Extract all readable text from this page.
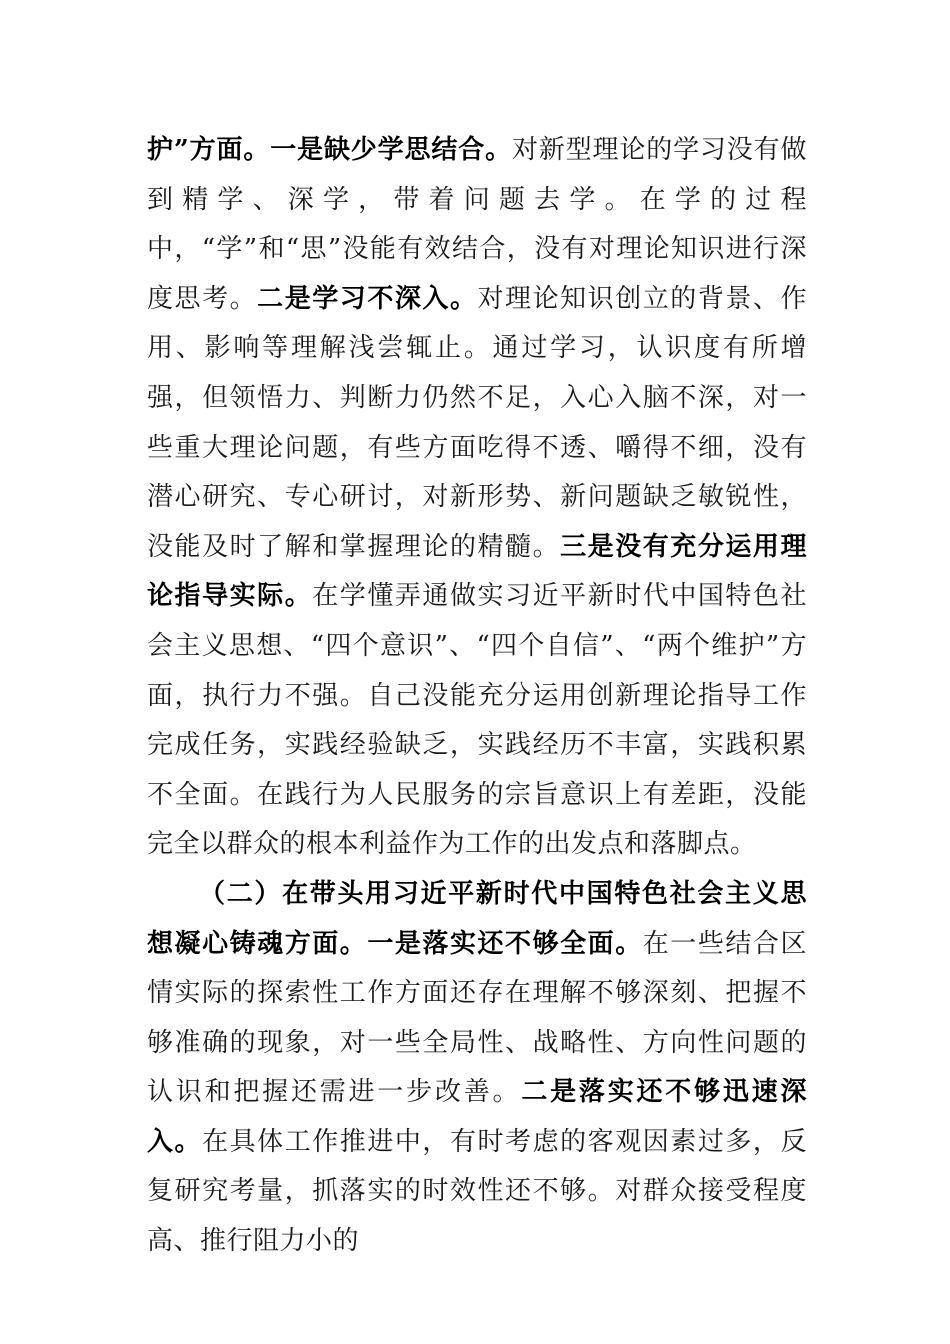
护”方面。一是缺少学思结合。对新型理论的学习没有做到精学、深学，带着问题去学。在学的过程中，“学”和“思”没能有效结合，没有对理论知识进行深度思考。二是学习不深入。对理论知识创立的背景、作用、影响等理解浅尝辄止。通过学习，认识度有所增强，但领悟力、判断力仍然不足，入心入脑不深，对一些重大理论问题，有些方面吃得不透、嚼得不细，没有潜心研究、专心研讨，对新形势、新问题缺乏敏锐性，没能及时了解和掌握理论的精髓。三是没有充分运用理论指导实际。在学懂弄通做实习近平新时代中国特色社会主义思想、“四个意识”、“四个自信”、“两个维护”方面，执行力不强。自己没能充分运用创新理论指导工作完成任务，实践经验缺乏，实践经历不丰富，实践积累不全面。在践行为人民服务的宗旨意识上有差距，没能完全以群众的根本利益作为工作的出发点和落脚点。

（二）在带头用习近平新时代中国特色社会主义思想凝心铸魂方面。一是落实还不够全面。在一些结合区情实际的探索性工作方面还存在理解不够深刻、把握不够准确的现象，对一些全局性、战略性、方向性问题的认识和把握还需进一步改善。二是落实还不够迅速深入。在具体工作推进中，有时考虑的客观因素过多，反复研究考量，抓落实的时效性还不够。对群众接受程度高、推行阻力小的
